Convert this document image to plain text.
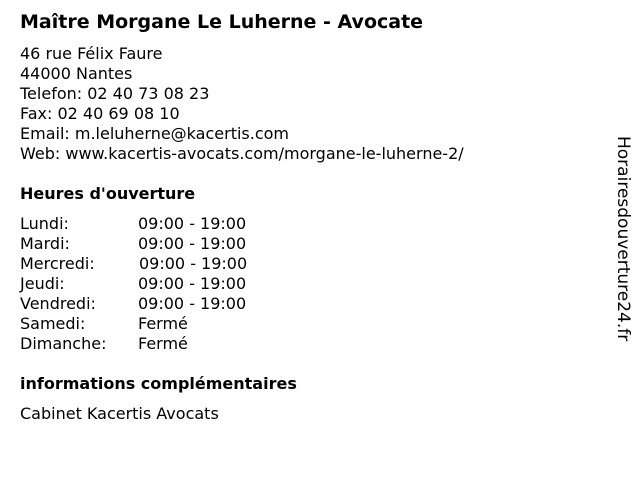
Maître Morgane Le Luherne - Avocate
46 rue Félix Faure
44000 Nantes
Telefon: 02 40 73 08 23
Fax: 02 40 69 08 10
Email: m.leluherne@kacertis.com
Web: www.kacertis-avocats.com/morgane-le-luherne-2/
Heures d'ouverture
Lundi:	09:00 - 19:00
Mardi:	09:00 - 19:00
Mercredi:	09:00 - 19:00
Jeudi:	09:00 - 19:00
Vendredi:	09:00 - 19:00
Samedi:	Fermé
Dimanche: Fermé
informations complémentaires
Cabinet Kacertis Avocats
Horairesdouverture24.fr
